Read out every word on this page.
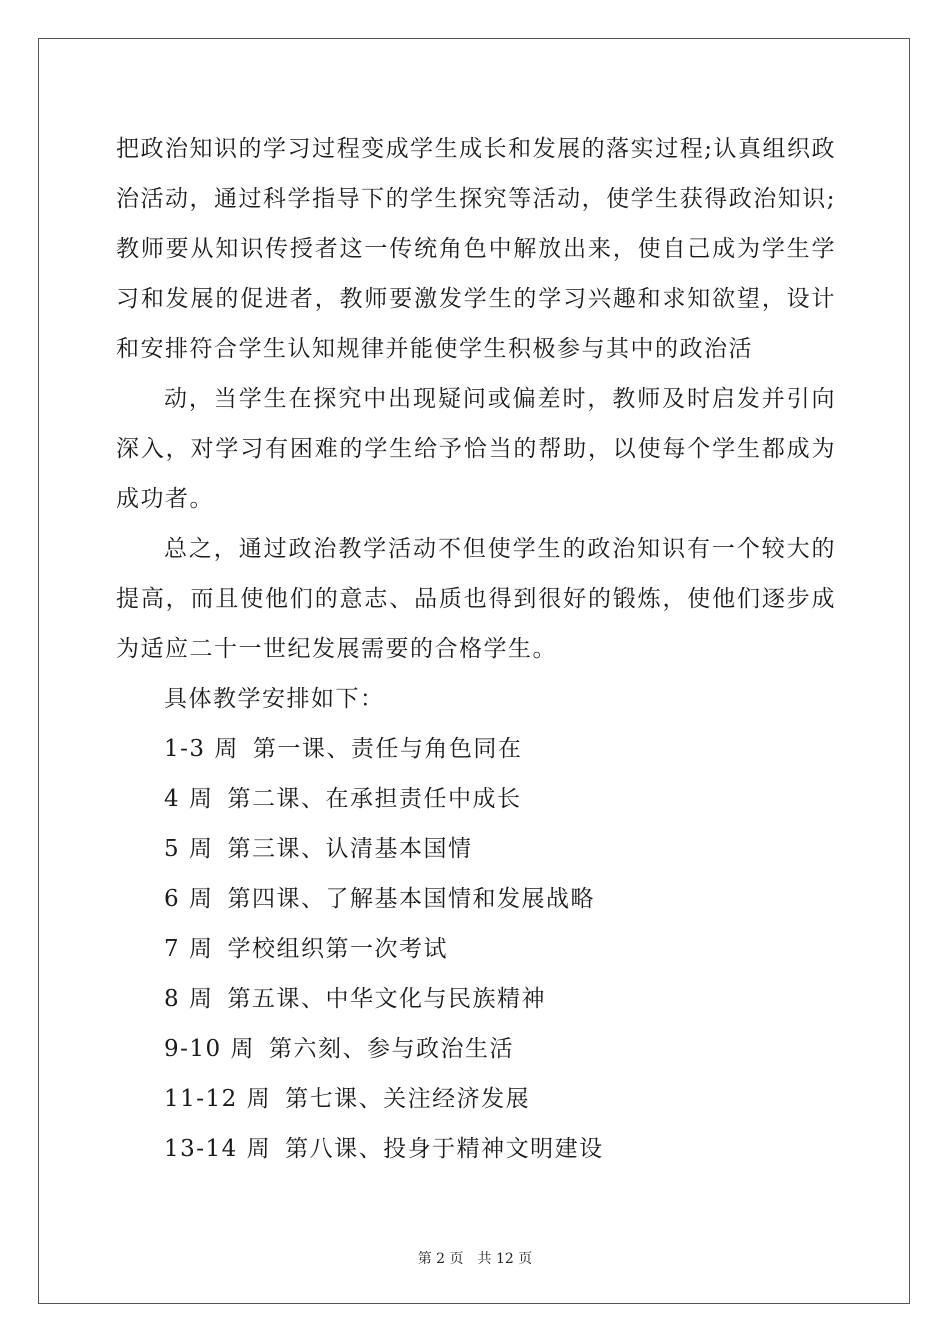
把政治知识的学习过程变成学生成长和发展的落实过程;认真组织政治活动，通过科学指导下的学生探究等活动，使学生获得政治知识;教师要从知识传授者这一传统角色中解放出来，使自己成为学生学习和发展的促进者，教师要激发学生的学习兴趣和求知欲望，设计和安排符合学生认知规律并能使学生积极参与其中的政治活

动，当学生在探究中出现疑问或偏差时，教师及时启发并引向深入，对学习有困难的学生给予恰当的帮助，以使每个学生都成为成功者。

总之，通过政治教学活动不但使学生的政治知识有一个较大的提高，而且使他们的意志、品质也得到很好的锻炼，使他们逐步成为适应二十一世纪发展需要的合格学生。

具体教学安排如下：

1-3 周 第一课、责任与角色同在
4 周 第二课、在承担责任中成长
5 周 第三课、认清基本国情
6 周 第四课、了解基本国情和发展战略
7 周 学校组织第一次考试
8 周 第五课、中华文化与民族精神
9-10 周 第六刻、参与政治生活
11-12 周 第七课、关注经济发展
13-14 周 第八课、投身于精神文明建设
第 2 页 共 12 页
